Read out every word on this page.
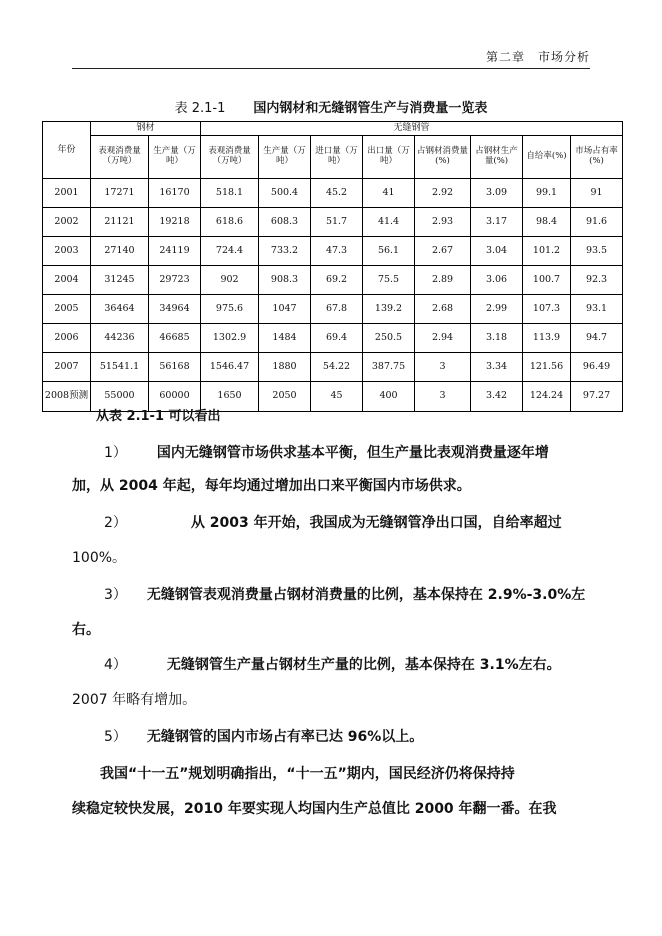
第二章　市场分析
表 2.1-1 国内钢材和无缝钢管生产与消费量一览表
年份	钢材		无缝钢管							
	表观消费量（万吨）	生产量（万吨）	表观消费量（万吨）	生产量（万吨）	进口量（万吨）	出口量（万吨）	占钢材消费量(%)	占钢材生产量(%)	自给率(%)	市场占有率(%)
2001	17271	16170	518.1	500.4	45.2	41	2.92	3.09	99.1	91
2002	21121	19218	618.6	608.3	51.7	41.4	2.93	3.17	98.4	91.6
2003	27140	24119	724.4	733.2	47.3	56.1	2.67	3.04	101.2	93.5
2004	31245	29723	902	908.3	69.2	75.5	2.89	3.06	100.7	92.3
2005	36464	34964	975.6	1047	67.8	139.2	2.68	2.99	107.3	93.1
2006	44236	46685	1302.9	1484	69.4	250.5	2.94	3.18	113.9	94.7
2007	51541.1	56168	1546.47	1880	54.22	387.75	3	3.34	121.56	96.49
2008预测	55000	60000	1650	2050	45	400	3	3.42	124.24	97.27
从表 2.1-1 可以看出
1） 国内无缝钢管市场供求基本平衡，但生产量比表观消费量逐年增
加，从 2004 年起，每年均通过增加出口来平衡国内市场供求。
2）	从 2003 年开始，我国成为无缝钢管净出口国，自给率超过
100%。
3） 无缝钢管表观消费量占钢材消费量的比例，基本保持在 2.9%-3.0%左
右。
4）	无缝钢管生产量占钢材生产量的比例，基本保持在 3.1%左右。
2007 年略有增加。
5） 无缝钢管的国内市场占有率已达 96%以上。
我国“十一五”规划明确指出，“十一五”期内，国民经济仍将保持持
续稳定较快发展，2010 年要实现人均国内生产总值比 2000 年翻一番。在我
